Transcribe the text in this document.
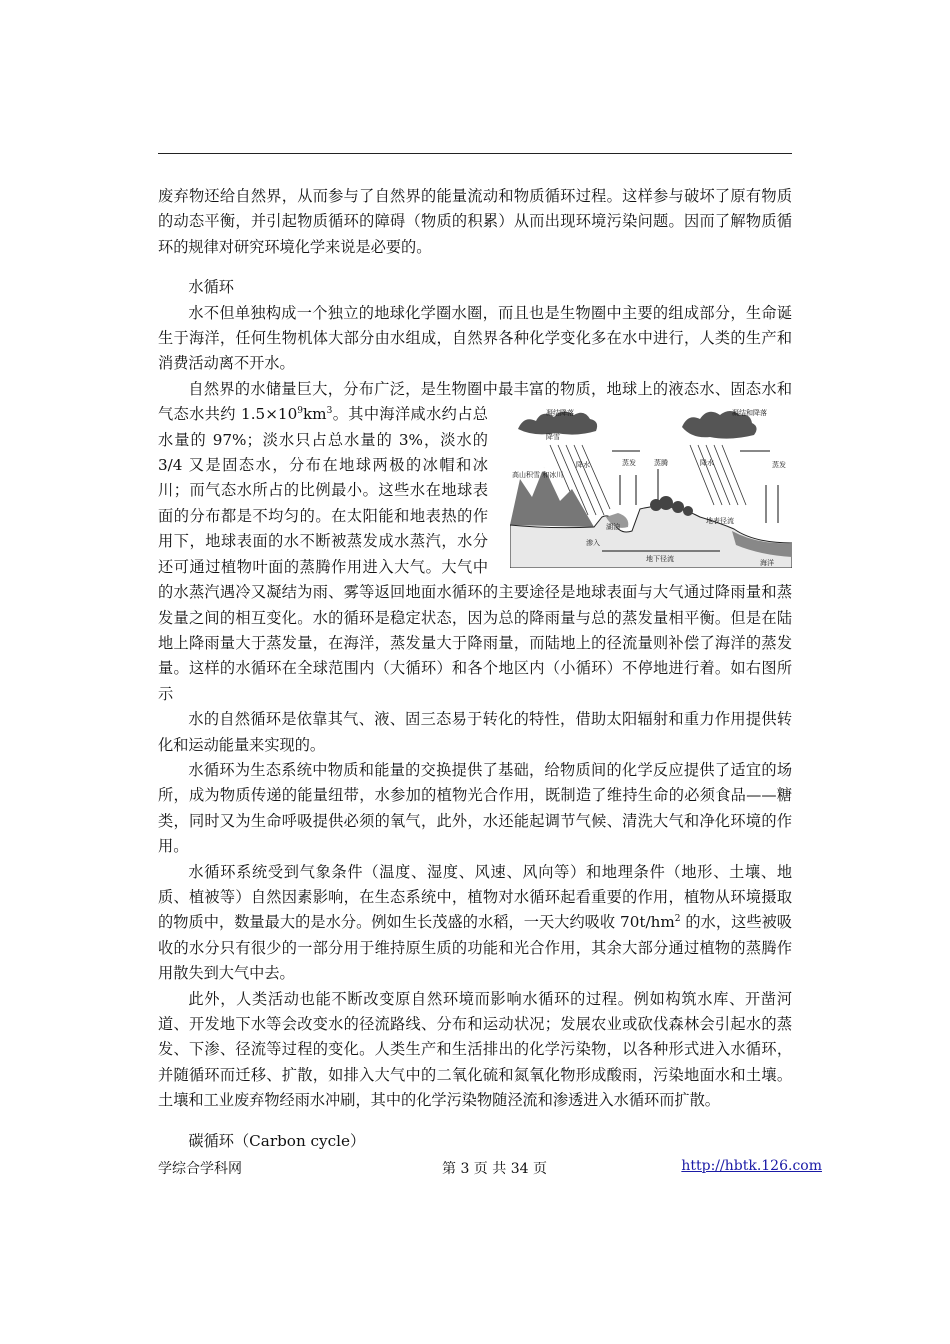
废弃物还给自然界，从而参与了自然界的能量流动和物质循环过程。这样参与破坏了原有物质的动态平衡，并引起物质循环的障碍（物质的积累）从而出现环境污染问题。因而了解物质循环的规律对研究环境化学来说是必要的。

水循环

水不但单独构成一个独立的地球化学圈水圈，而且也是生物圈中主要的组成部分，生命诞生于海洋，任何生物机体大部分由水组成，自然界各种化学变化多在水中进行，人类的生产和消费活动离不开水。

自然界的水储量巨大，分布广泛，是生物圈中最丰富的物质，地球上的液态水、固态水和气态水共约 $1.5\times 10^9km^3$	凝结降落	凝结和降落
降雪
降水	降水
蒸发	蒸发
蒸腾
高山积雪 和冰川
湖泊
地表径流
渗入
地下径流	海洋
。其中海洋咸水约占总水量的 97%；淡水只占总水量的 3%，淡水的 3/4 又是固态水，分布在地球两极的冰帽和冰川；而气态水所占的比例最小。这些水在地球表面的分布都是不均匀的。在太阳能和地表热的作用下，地球表面的水不断被蒸发成水蒸汽，水分还可通过植物叶面的蒸腾作用进入大气。大气中的水蒸汽遇冷又凝结为雨、雾等返回地面水循环的主要途径是地球表面与大气通过降雨量和蒸发量之间的相互变化。水的循环是稳定状态，因为总的降雨量与总的蒸发量相平衡。但是在陆地上降雨量大于蒸发量，在海洋，蒸发量大于降雨量，而陆地上的径流量则补偿了海洋的蒸发量。这样的水循环在全球范围内（大循环）和各个地区内（小循环）不停地进行着。如右图所示

水的自然循环是依靠其气、液、固三态易于转化的特性，借助太阳辐射和重力作用提供转化和运动能量来实现的。

水循环为生态系统中物质和能量的交换提供了基础，给物质间的化学反应提供了适宜的场所，成为物质传递的能量纽带，水参加的植物光合作用，既制造了维持生命的必须食品——糖类，同时又为生命呼吸提供必须的氧气，此外，水还能起调节气候、清洗大气和净化环境的作用。

水循环系统受到气象条件（温度、湿度、风速、风向等）和地理条件（地形、土壤、地质、植被等）自然因素影响，在生态系统中，植物对水循环起看重要的作用，植物从环境摄取的物质中，数量最大的是水分。例如生长茂盛的水稻，一天大约吸收 $70t/hm^2$ 的水，这些被吸收的水分只有很少的一部分用于维持原生质的功能和光合作用，其余大部分通过植物的蒸腾作用散失到大气中去。

此外，人类活动也能不断改变原自然环境而影响水循环的过程。例如构筑水库、开凿河道、开发地下水等会改变水的径流路线、分布和运动状况；发展农业或砍伐森林会引起水的蒸发、下渗、径流等过程的变化。人类生产和生活排出的化学污染物，以各种形式进入水循环，并随循环而迁移、扩散，如排入大气中的二氧化硫和氮氧化物形成酸雨，污染地面水和土壤。土壤和工业废弃物经雨水冲刷，其中的化学污染物随泾流和渗透进入水循环而扩散。

碳循环（Carbon cycle）

学综合学科网	第 3 页 共 34 页	http://hbtk.126.com
